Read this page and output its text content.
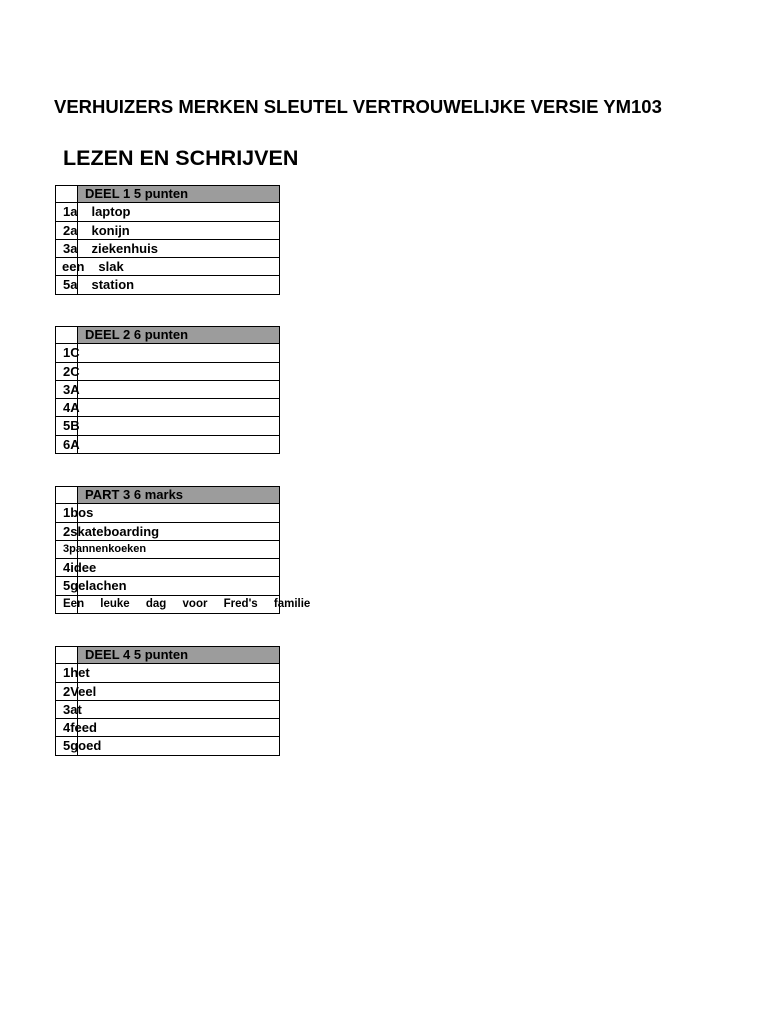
VERHUIZERS MERKEN SLEUTEL VERTROUWELIJKE VERSIE YM103
LEZEN EN SCHRIJVEN
DEEL 1 5 punten
1a laptop
2a konijn
3a ziekenhuis
een slak
5a station
DEEL 2 6 punten
1C
2C
3A
4A
5B
6A
PART 3 6 marks
1bos
2skateboarding
3pannenkoeken
4idee
5gelachen
Een leuke dag voor Fred's familie
DEEL 4 5 punten
1het
2Veel
3at
4feed
5goed
